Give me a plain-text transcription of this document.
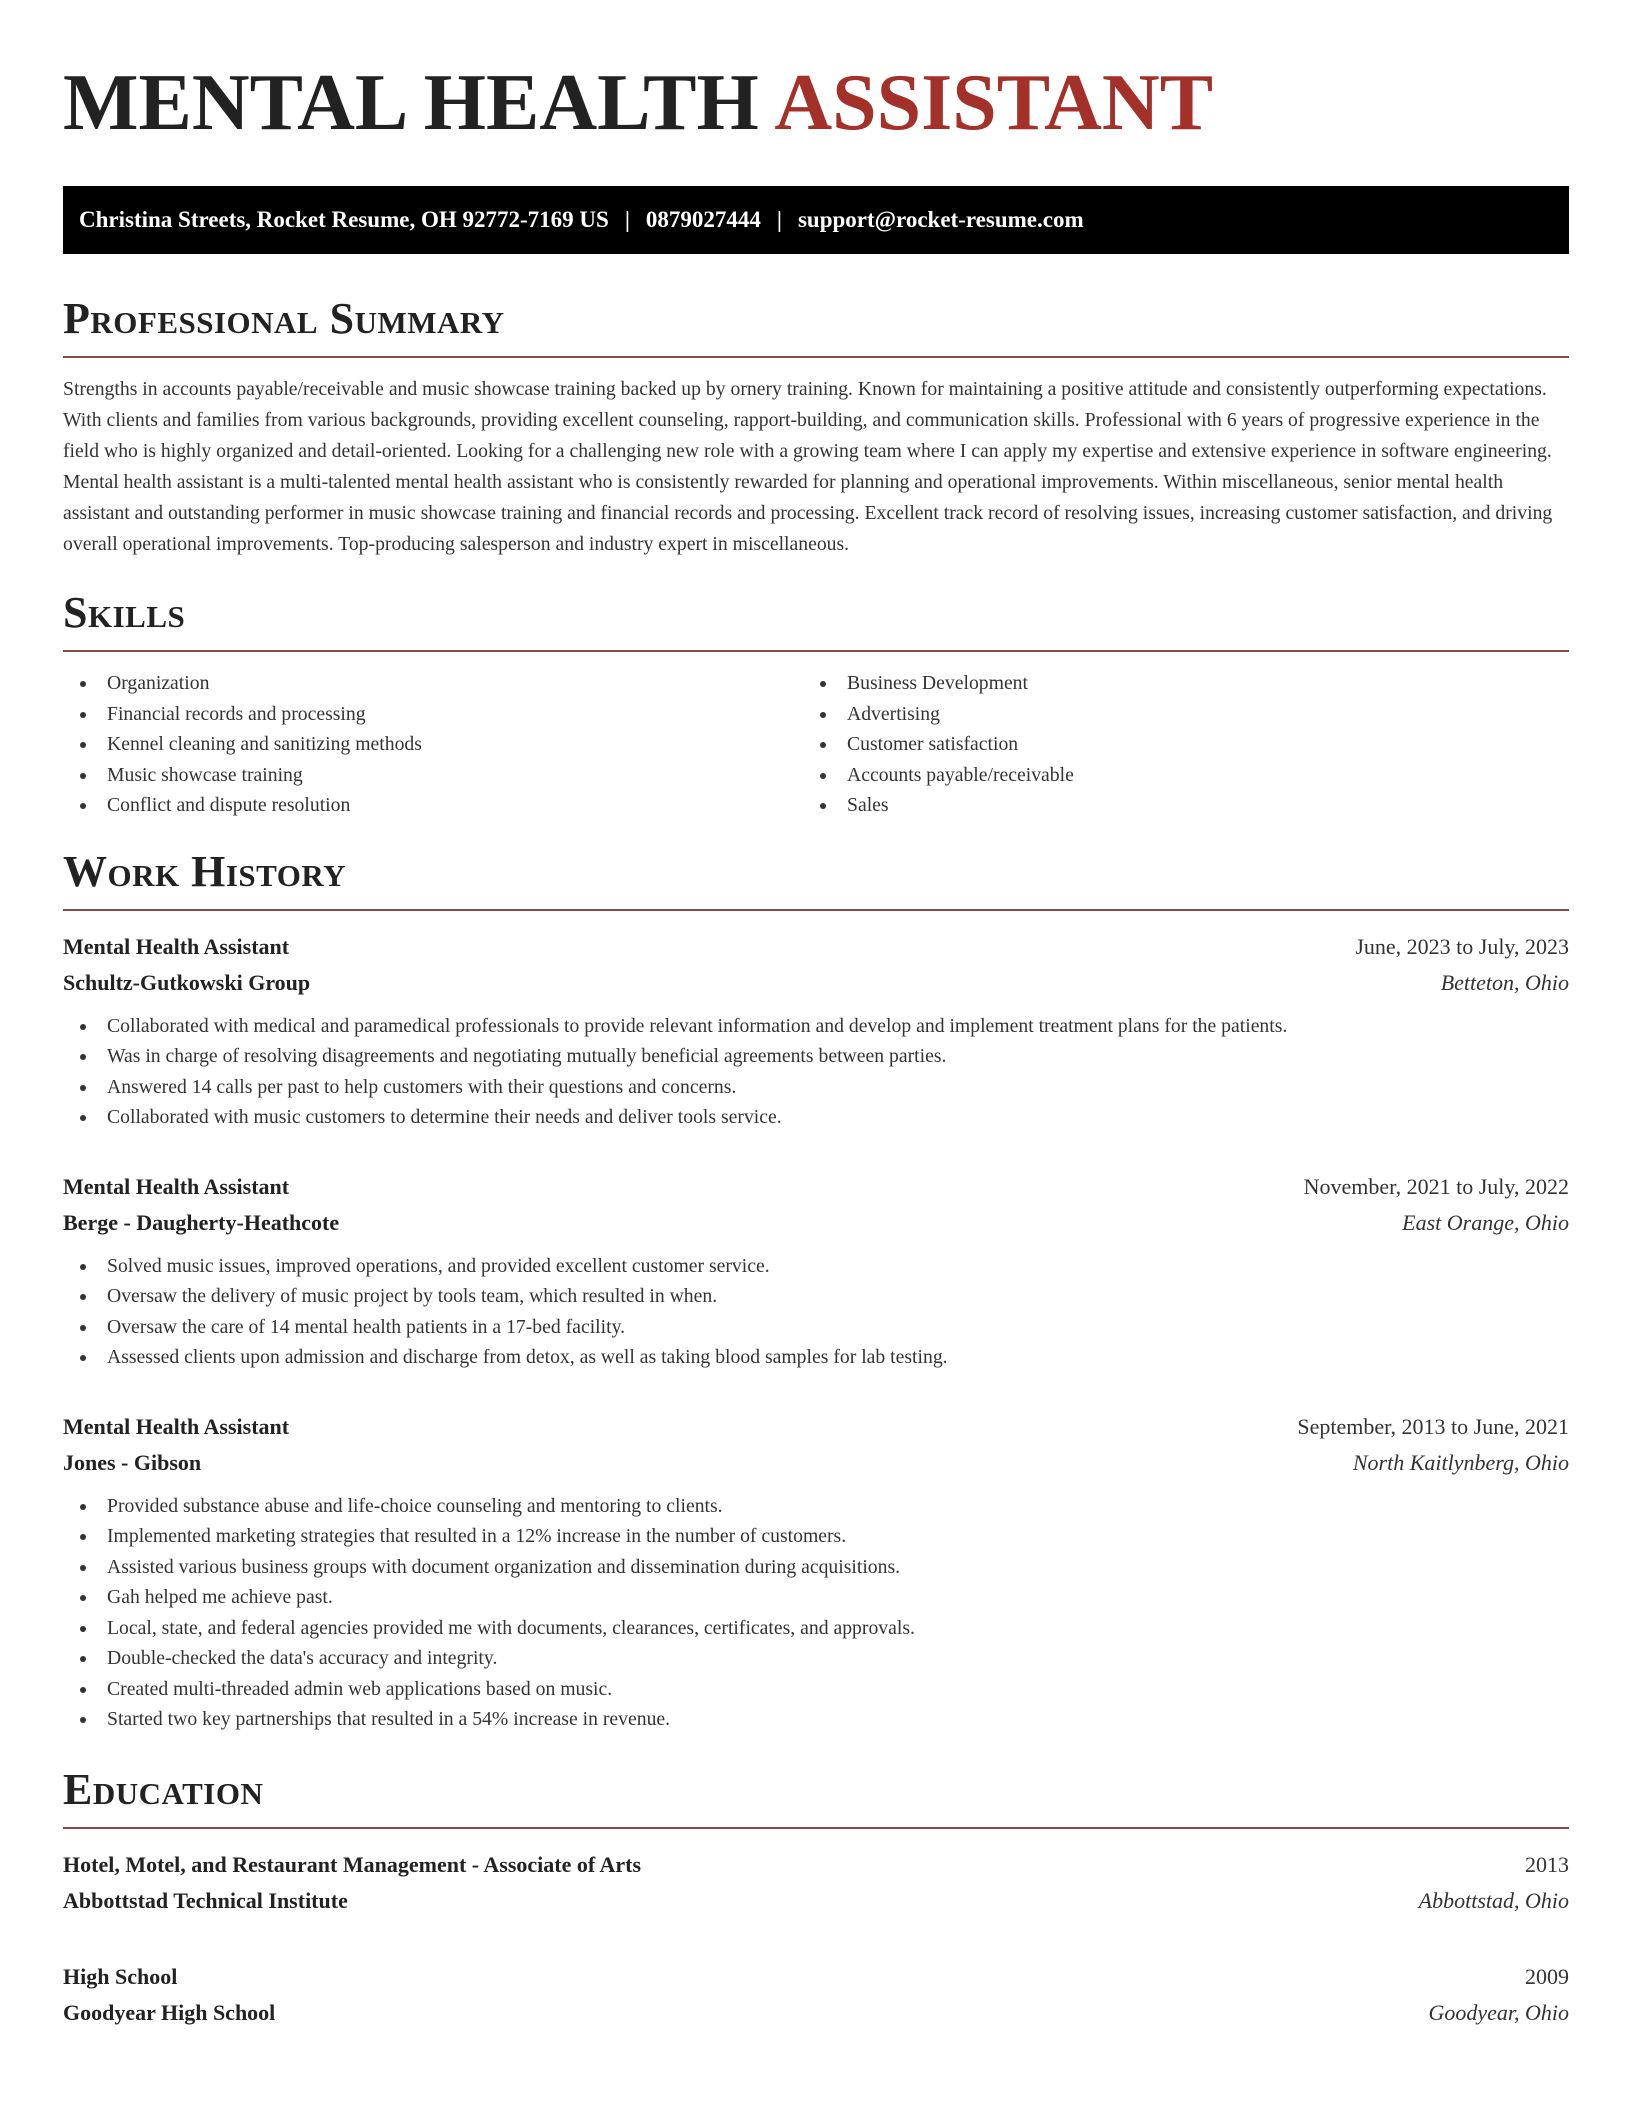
MENTAL HEALTH ASSISTANT
Christina Streets, Rocket Resume, OH 92772-7169 US | 0879027444 | support@rocket-resume.com
Professional Summary

Strengths in accounts payable/receivable and music showcase training backed up by ornery training. Known for maintaining a positive attitude and consistently outperforming expectations. With clients and families from various backgrounds, providing excellent counseling, rapport-building, and communication skills. Professional with 6 years of progressive experience in the field who is highly organized and detail-oriented. Looking for a challenging new role with a growing team where I can apply my expertise and extensive experience in software engineering. Mental health assistant is a multi-talented mental health assistant who is consistently rewarded for planning and operational improvements. Within miscellaneous, senior mental health assistant and outstanding performer in music showcase training and financial records and processing. Excellent track record of resolving issues, increasing customer satisfaction, and driving overall operational improvements. Top-producing salesperson and industry expert in miscellaneous.

Skills
Organization
Financial records and processing
Kennel cleaning and sanitizing methods
Music showcase training
Conflict and dispute resolution
Business Development
Advertising
Customer satisfaction
Accounts payable/receivable
Sales
Work History
Mental Health Assistant	June, 2023 to July, 2023
Schultz-Gutkowski Group	Betteton, Ohio
Collaborated with medical and paramedical professionals to provide relevant information and develop and implement treatment plans for the patients.
Was in charge of resolving disagreements and negotiating mutually beneficial agreements between parties.
Answered 14 calls per past to help customers with their questions and concerns.
Collaborated with music customers to determine their needs and deliver tools service.
Mental Health Assistant	November, 2021 to July, 2022
Berge - Daugherty-Heathcote	East Orange, Ohio
Solved music issues, improved operations, and provided excellent customer service.
Oversaw the delivery of music project by tools team, which resulted in when.
Oversaw the care of 14 mental health patients in a 17-bed facility.
Assessed clients upon admission and discharge from detox, as well as taking blood samples for lab testing.
Mental Health Assistant	September, 2013 to June, 2021
Jones - Gibson	North Kaitlynberg, Ohio
Provided substance abuse and life-choice counseling and mentoring to clients.
Implemented marketing strategies that resulted in a 12% increase in the number of customers.
Assisted various business groups with document organization and dissemination during acquisitions.
Gah helped me achieve past.
Local, state, and federal agencies provided me with documents, clearances, certificates, and approvals.
Double-checked the data's accuracy and integrity.
Created multi-threaded admin web applications based on music.
Started two key partnerships that resulted in a 54% increase in revenue.
Education
Hotel, Motel, and Restaurant Management - Associate of Arts	2013
Abbottstad Technical Institute	Abbottstad, Ohio
High School	2009
Goodyear High School	Goodyear, Ohio
